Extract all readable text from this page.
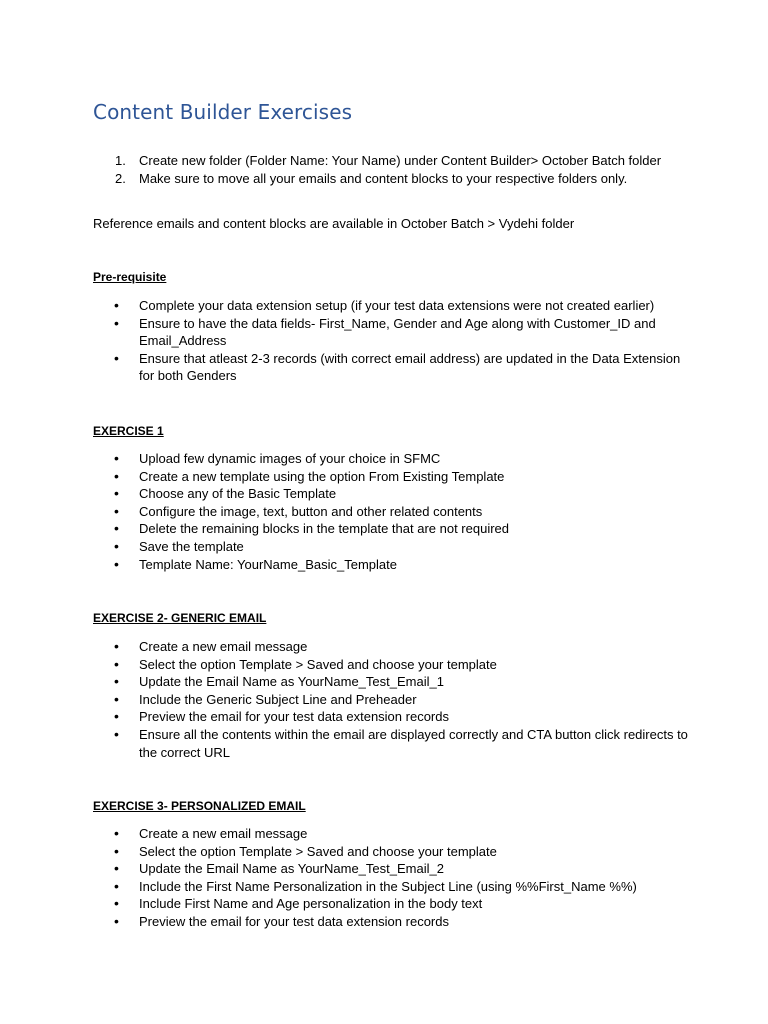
Content Builder Exercises
1. Create new folder (Folder Name: Your Name) under Content Builder> October Batch folder
2. Make sure to move all your emails and content blocks to your respective folders only.

Reference emails and content blocks are available in October Batch > Vydehi folder

Pre-requisite
• Complete your data extension setup (if your test data extensions were not created earlier)
• Ensure to have the data fields- First_Name, Gender and Age along with Customer_ID and Email_Address
• Ensure that atleast 2-3 records (with correct email address) are updated in the Data Extension for both Genders
EXERCISE 1
• Upload few dynamic images of your choice in SFMC
• Create a new template using the option From Existing Template
• Choose any of the Basic Template
• Configure the image, text, button and other related contents
• Delete the remaining blocks in the template that are not required
• Save the template
• Template Name: YourName_Basic_Template
EXERCISE 2- GENERIC EMAIL
• Create a new email message
• Select the option Template > Saved and choose your template
• Update the Email Name as YourName_Test_Email_1
• Include the Generic Subject Line and Preheader
• Preview the email for your test data extension records
• Ensure all the contents within the email are displayed correctly and CTA button click redirects to the correct URL
EXERCISE 3- PERSONALIZED EMAIL
• Create a new email message
• Select the option Template > Saved and choose your template
• Update the Email Name as YourName_Test_Email_2
• Include the First Name Personalization in the Subject Line (using %%First_Name %%)
• Include First Name and Age personalization in the body text
• Preview the email for your test data extension records
